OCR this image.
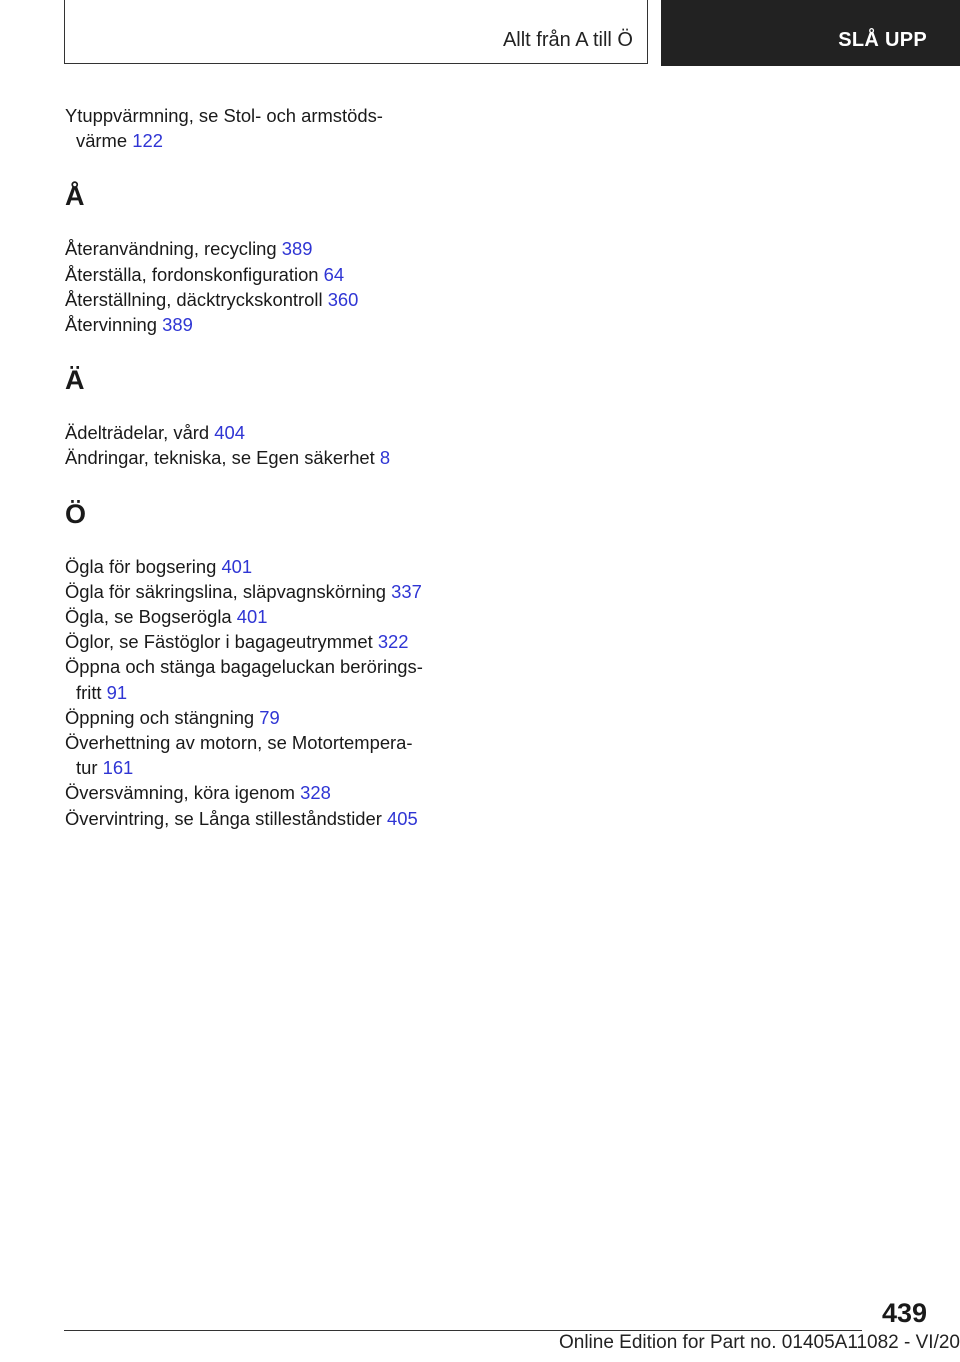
Allt från A till Ö	SLÅ UPP
Ytuppvärmning, se Stol- och armstöds-
värme 122
Å
Återanvändning, recycling 389
Återställa, fordonskonfiguration 64
Återställning, däcktryckskontroll 360
Återvinning 389
Ä
Ädelträdelar, vård 404
Ändringar, tekniska, se Egen säkerhet 8
Ö
Ögla för bogsering 401
Ögla för säkringslina, släpvagnskörning 337
Ögla, se Bogserögla 401
Öglor, se Fästöglor i bagageutrymmet 322
Öppna och stänga bagageluckan berörings-
fritt 91
Öppning och stängning 79
Överhettning av motorn, se Motortempera-
tur 161
Översvämning, köra igenom 328
Övervintring, se Långa stilleståndstider 405
439
Online Edition for Part no. 01405A11082 - VI/20
